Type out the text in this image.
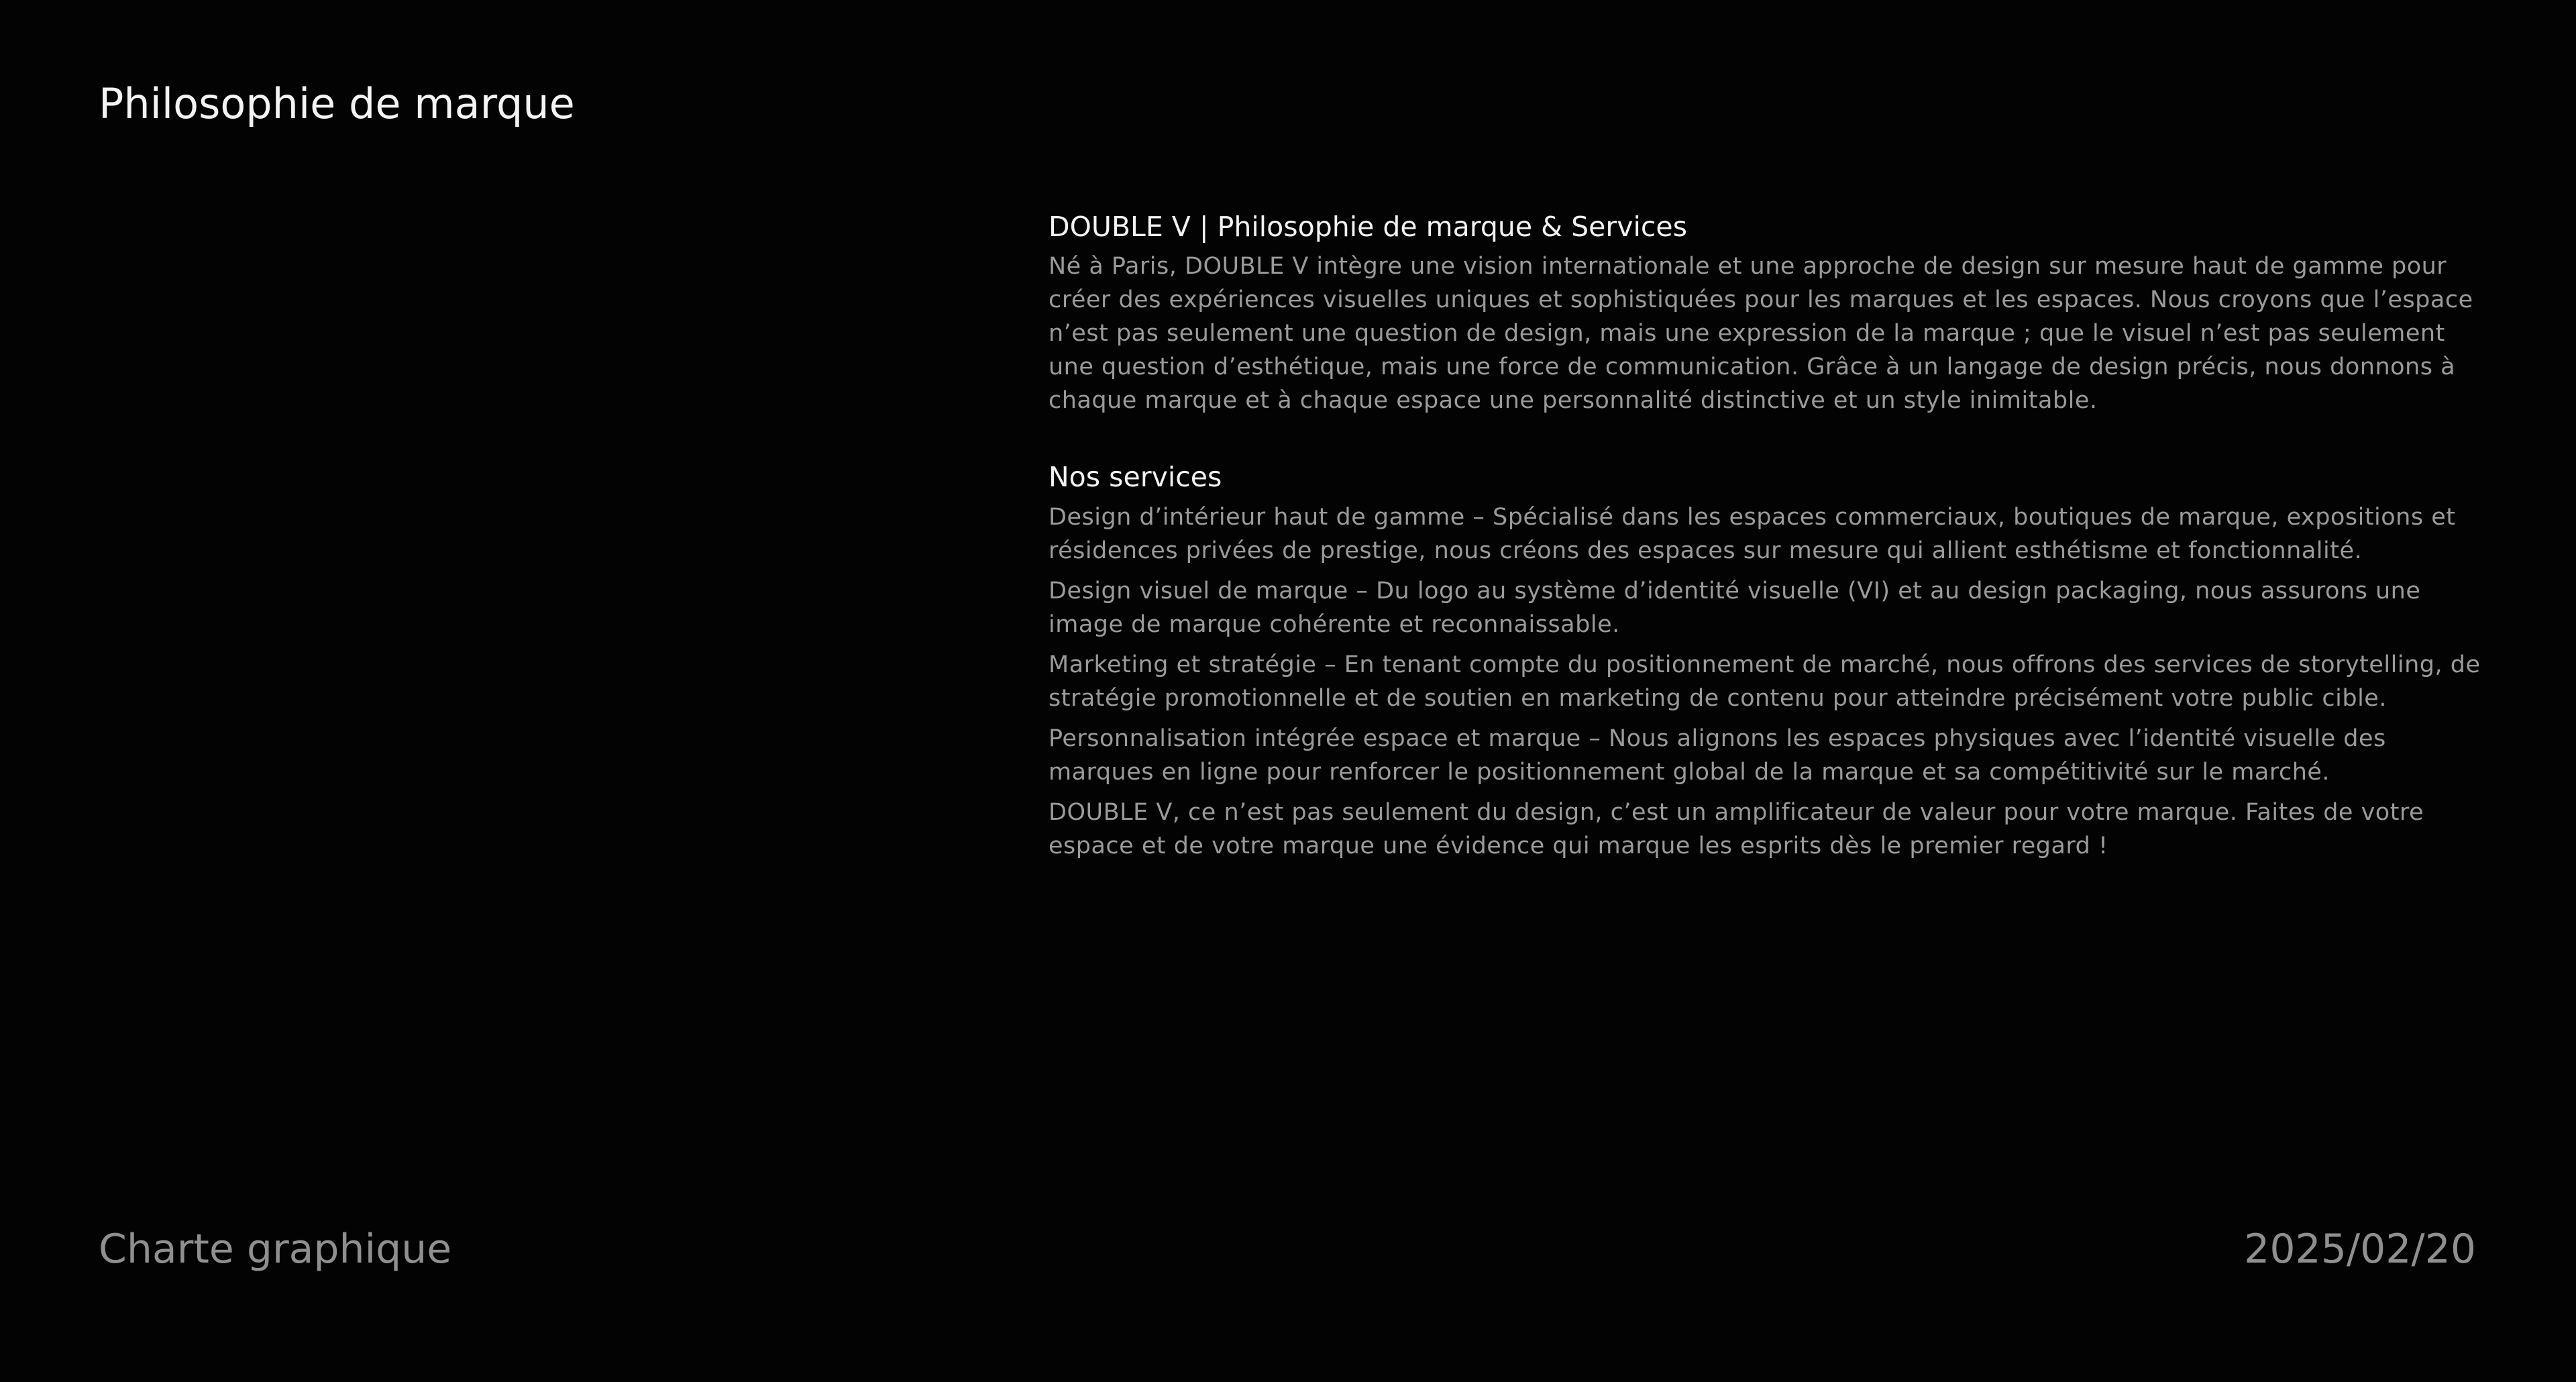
Philosophie de marque
DOUBLE V | Philosophie de marque & Services

Né à Paris, DOUBLE V intègre une vision internationale et une approche de design sur mesure haut de gamme pour créer des expériences visuelles uniques et sophistiquées pour les marques et les espaces. Nous croyons que l’espace n’est pas seulement une question de design, mais une expression de la marque ; que le visuel n’est pas seulement une question d’esthétique, mais une force de communication. Grâce à un langage de design précis, nous donnons à chaque marque et à chaque espace une personnalité distinctive et un style inimitable.

Nos services

Design d’intérieur haut de gamme – Spécialisé dans les espaces commerciaux, boutiques de marque, expositions et résidences privées de prestige, nous créons des espaces sur mesure qui allient esthétisme et fonctionnalité.

Design visuel de marque – Du logo au système d’identité visuelle (VI) et au design packaging, nous assurons une image de marque cohérente et reconnaissable.

Marketing et stratégie – En tenant compte du positionnement de marché, nous offrons des services de storytelling, de stratégie promotionnelle et de soutien en marketing de contenu pour atteindre précisément votre public cible.

Personnalisation intégrée espace et marque – Nous alignons les espaces physiques avec l’identité visuelle des marques en ligne pour renforcer le positionnement global de la marque et sa compétitivité sur le marché.

DOUBLE V, ce n’est pas seulement du design, c’est un amplificateur de valeur pour votre marque. Faites de votre espace et de votre marque une évidence qui marque les esprits dès le premier regard !

Charte graphique	2025/02/20
